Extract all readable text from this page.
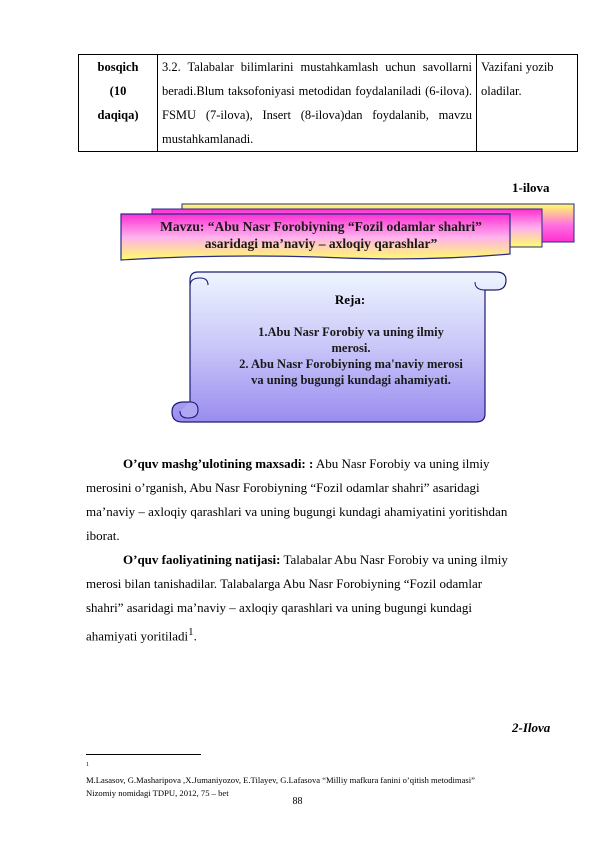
bosqich
(10
daqiqa)
	3.2. Talabalar bilimlarini mustahkamlash uchun savollarni beradi.Blum taksofoniyasi metodidan foydalaniladi (6-ilova). FSMU (7-ilova), Insert (8-ilova)dan foydalanib, mavzu mustahkamlanadi.	Vazifani yozib oladilar.
1-ilova
Mavzu: “Abu Nasr Forobiyning “Fozil odamlar shahri”
asaridagi ma’naviy – axloqiy qarashlar”
Reja:
1.Abu Nasr Forobiy va uning ilmiy
merosi.
2. Abu Nasr Forobiyning ma'naviy merosi
va uning bugungi kundagi ahamiyati.
O’quv mashg’ulotining maxsadi: : Abu Nasr Forobiy va uning ilmiy
merosini o’rganish, Abu Nasr Forobiyning “Fozil odamlar shahri” asaridagi
ma’naviy – axloqiy qarashlari va uning bugungi kundagi ahamiyatini yoritishdan
iborat.
O’quv faoliyatining natijasi: Talabalar Abu Nasr Forobiy va uning ilmiy
merosi bilan tanishadilar. Talabalarga Abu Nasr Forobiyning “Fozil odamlar
shahri” asaridagi ma’naviy – axloqiy qarashlari va uning bugungi kundagi
ahamiyati yoritiladi$^1$.
2-Ilova
$^1$
M.Lasasov, G.Masharipova ,X.Jumaniyozov, E.Tilayev, G.Lafasova “Milliy mafkura fanini o’qitish metodimasi”
Nizomiy nomidagi TDPU, 2012, 75 – bet
88
